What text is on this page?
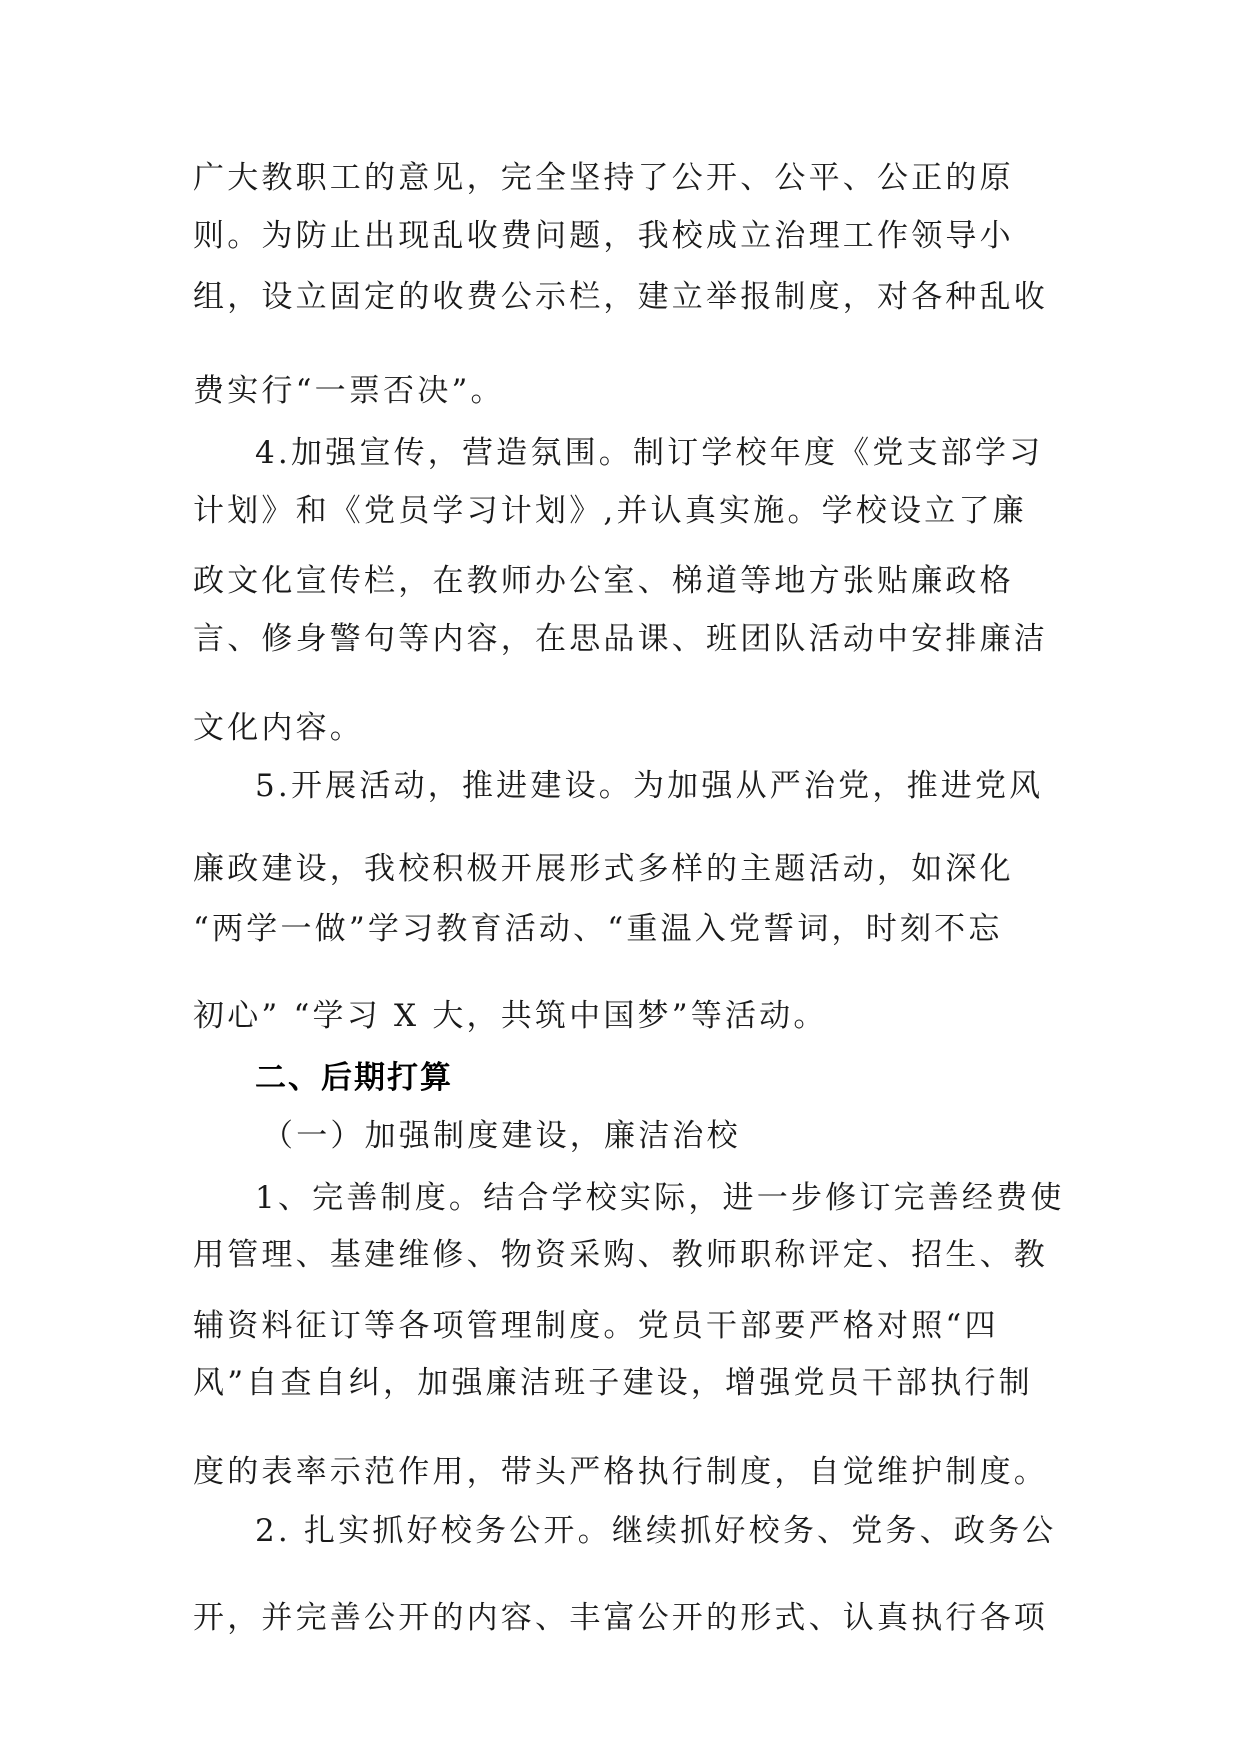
广大教职工的意见，完全坚持了公开、公平、公正的原
则。为防止出现乱收费问题，我校成立治理工作领导小
组，设立固定的收费公示栏，建立举报制度，对各种乱收
费实行“一票否决”。
4.加强宣传，营造氛围。制订学校年度《党支部学习
计划》和《党员学习计划》,并认真实施。学校设立了廉
政文化宣传栏，在教师办公室、梯道等地方张贴廉政格
言、修身警句等内容，在思品课、班团队活动中安排廉洁
文化内容。
5.开展活动，推进建设。为加强从严治党，推进党风
廉政建设，我校积极开展形式多样的主题活动，如深化
“两学一做”学习教育活动、“重温入党誓词，时刻不忘
初心” “学习 X 大，共筑中国梦”等活动。
二、后期打算
（一）加强制度建设，廉洁治校
1、完善制度。结合学校实际，进一步修订完善经费使
用管理、基建维修、物资采购、教师职称评定、招生、教
辅资料征订等各项管理制度。党员干部要严格对照“四
风”自查自纠，加强廉洁班子建设，增强党员干部执行制
度的表率示范作用，带头严格执行制度，自觉维护制度。
2. 扎实抓好校务公开。继续抓好校务、党务、政务公
开，并完善公开的内容、丰富公开的形式、认真执行各项
